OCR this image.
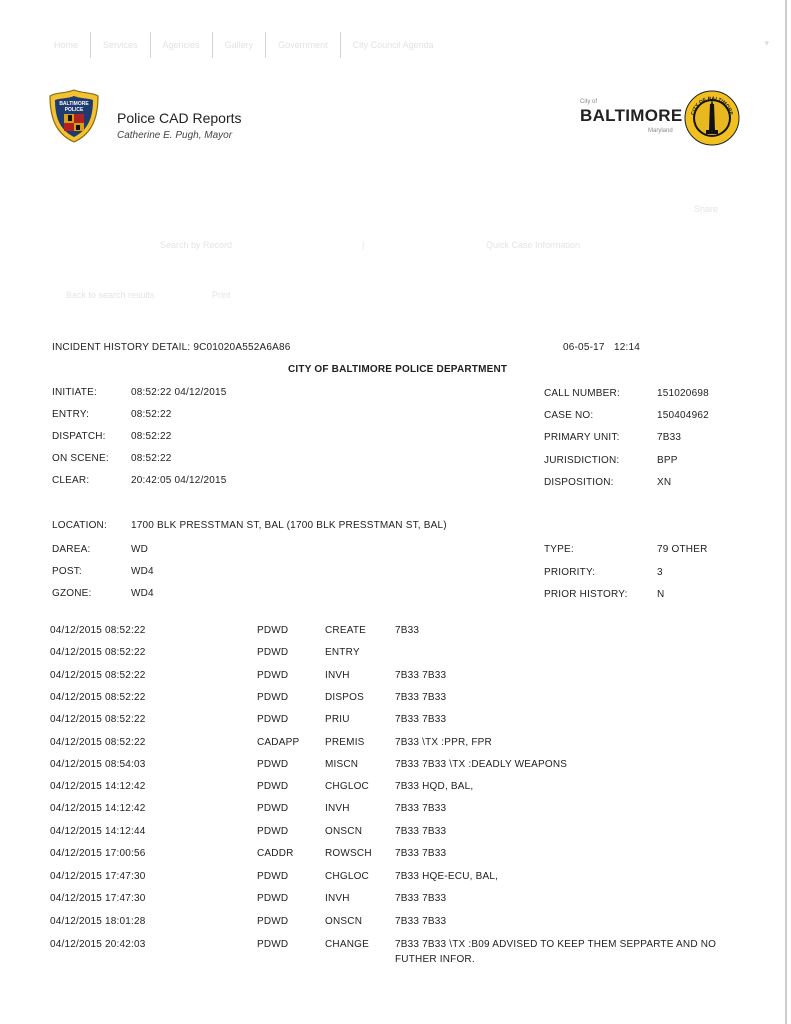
Home	Services	Agencies	Gallery	Government	City Council Agenda	▾
BALTIMORE
POLICE Police CAD Reports
Catherine E. Pugh, Mayor
City of
BALTIMORE
Maryland
CITY OF BALTIMORE
Share
Search by Record	|	Quick Case Information
Back to search results	Print
INCIDENT HISTORY DETAIL: 9C01020A552A6A86	06-05-17 12:14
CITY OF BALTIMORE POLICE DEPARTMENT
INITIATE:	08:52:22 04/12/2015
ENTRY:	08:52:22
DISPATCH:	08:52:22
ON SCENE: 08:52:22
CLEAR:	20:42:05 04/12/2015
CALL NUMBER:	151020698
CASE NO:	150404962
PRIMARY UNIT:	7B33
JURISDICTION:	BPP
DISPOSITION:	XN
LOCATION: 1700 BLK PRESSTMAN ST, BAL (1700 BLK PRESSTMAN ST, BAL)
DAREA:	WD
POST:	WD4
GZONE:	WD4
TYPE:	79 OTHER
PRIORITY:	3
PRIOR HISTORY:	N
04/12/2015 08:52:22	PDWD	CREATE	7B33
04/12/2015 08:52:22	PDWD	ENTRY
04/12/2015 08:52:22	PDWD	INVH	7B33 7B33
04/12/2015 08:52:22	PDWD	DISPOS	7B33 7B33
04/12/2015 08:52:22	PDWD	PRIU	7B33 7B33
04/12/2015 08:52:22	CADAPP	PREMIS	7B33 \TX :PPR, FPR
04/12/2015 08:54:03	PDWD	MISCN	7B33 7B33 \TX :DEADLY WEAPONS
04/12/2015 14:12:42	PDWD	CHGLOC	7B33 HQD, BAL,
04/12/2015 14:12:42	PDWD	INVH	7B33 7B33
04/12/2015 14:12:44	PDWD	ONSCN	7B33 7B33
04/12/2015 17:00:56	CADDR	ROWSCH 7B33 7B33
04/12/2015 17:47:30	PDWD	CHGLOC	7B33 HQE-ECU, BAL,
04/12/2015 17:47:30	PDWD	INVH	7B33 7B33
04/12/2015 18:01:28	PDWD	ONSCN	7B33 7B33
04/12/2015 20:42:03	PDWD	CHANGE	7B33 7B33 \TX :B09 ADVISED TO KEEP THEM SEPPARTE AND NO
FUTHER INFOR.
